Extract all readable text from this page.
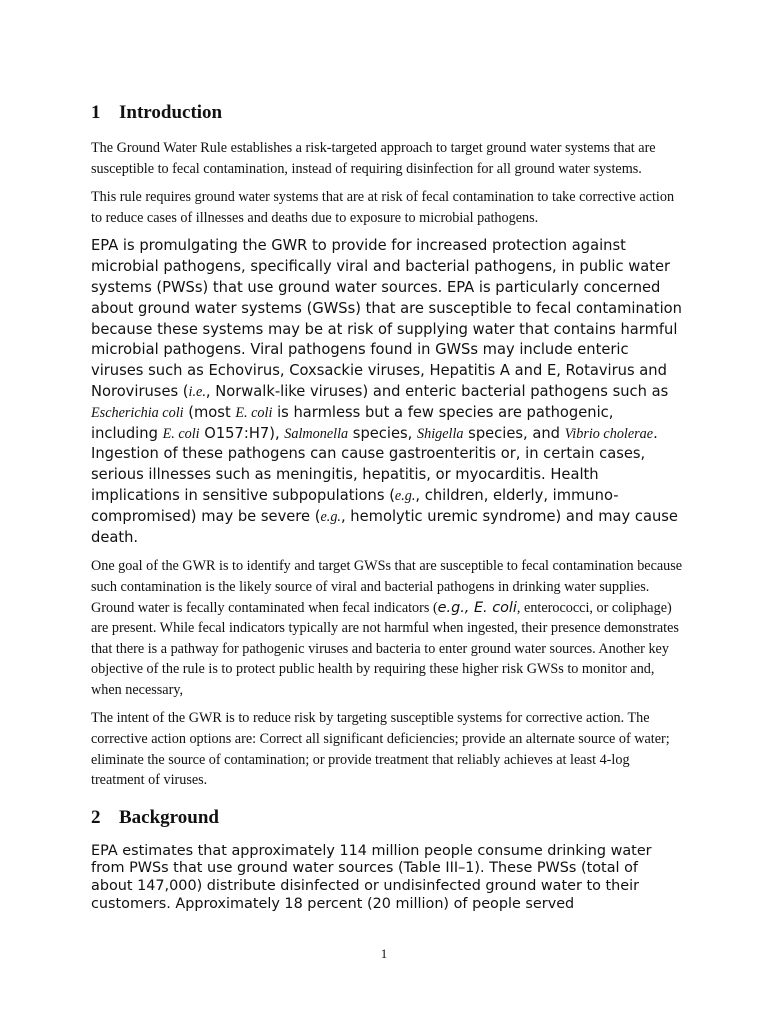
1 Introduction

The Ground Water Rule establishes a risk-targeted approach to target ground water systems that are susceptible to fecal contamination, instead of requiring disinfection for all ground water systems.

This rule requires ground water systems that are at risk of fecal contamination to take corrective action to reduce cases of illnesses and deaths due to exposure to microbial pathogens.

EPA is promulgating the GWR to provide for increased protection against microbial pathogens, specifically viral and bacterial pathogens, in public water systems (PWSs) that use ground water sources. EPA is particularly concerned about ground water systems (GWSs) that are susceptible to fecal contamination because these systems may be at risk of supplying water that contains harmful microbial pathogens. Viral pathogens found in GWSs may include enteric viruses such as Echovirus, Coxsackie viruses, Hepatitis A and E, Rotavirus and Noroviruses (i.e., Norwalk-like viruses) and enteric bacterial pathogens such as Escherichia coli (most E. coli is harmless but a few species are pathogenic, including E. coli O157:H7), Salmonella species, Shigella species, and Vibrio cholerae. Ingestion of these pathogens can cause gastroenteritis or, in certain cases, serious illnesses such as meningitis, hepatitis, or myocarditis. Health implications in sensitive subpopulations (e.g., children, elderly, immuno-compromised) may be severe (e.g., hemolytic uremic syndrome) and may cause death.

One goal of the GWR is to identify and target GWSs that are susceptible to fecal contamination because such contamination is the likely source of viral and bacterial pathogens in drinking water supplies. Ground water is fecally contaminated when fecal indicators (e.g., E. coli, enterococci, or coliphage) are present. While fecal indicators typically are not harmful when ingested, their presence demonstrates that there is a pathway for pathogenic viruses and bacteria to enter ground water sources. Another key objective of the rule is to protect public health by requiring these higher risk GWSs to monitor and, when necessary,

The intent of the GWR is to reduce risk by targeting susceptible systems for corrective action. The corrective action options are: Correct all significant deficiencies; provide an alternate source of water; eliminate the source of contamination; or provide treatment that reliably achieves at least 4-log treatment of viruses.

2 Background

EPA estimates that approximately 114 million people consume drinking water from PWSs that use ground water sources (Table III–1). These PWSs (total of about 147,000) distribute disinfected or undisinfected ground water to their customers. Approximately 18 percent (20 million) of people served

1
